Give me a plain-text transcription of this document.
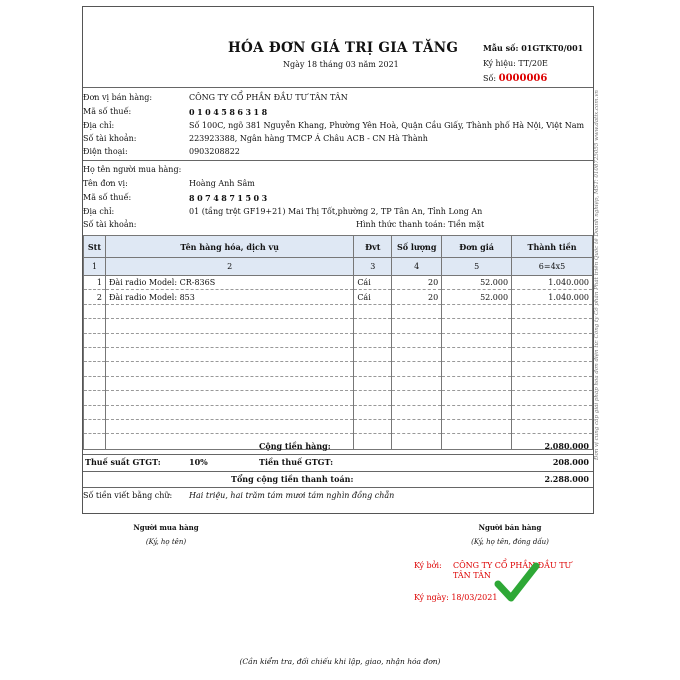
HÓA ĐƠN GIÁ TRỊ GIA TĂNG
Ngày 18 tháng 03 năm 2021
Mẫu số: 01GTKT0/001
Ký hiệu: TT/20E
Số: 0000006
Đơn vị bán hàng:	CÔNG TY CỔ PHẦN ĐẦU TƯ TÂN TÂN
Mã số thuế:	0104586318
Địa chỉ:	Số 100C, ngõ 381 Nguyễn Khang, Phường Yên Hoà, Quận Cầu Giấy, Thành phố Hà Nội, Việt Nam
Số tài khoản:	223923388, Ngân hàng TMCP Á Châu ACB - CN Hà Thành
Điện thoại:	0903208822
Họ tên người mua hàng:
Tên đơn vị:	Hoàng Anh Sâm
Mã số thuế:	8074871503
Địa chỉ:	01 (tầng trệt GF19+21) Mai Thị Tốt,phường 2, TP Tân An, Tỉnh Long An
Số tài khoản:	Hình thức thanh toán: Tiền mặt
Stt	Tên hàng hóa, dịch vụ	Đvt	Số lượng	Đơn giá	Thành tiền
1	2	3	4	5	6=4x5
1	Đài radio Model: CR-836S	Cái	20	52.000	1.040.000
2	Đài radio Model: 853	Cái	20	52.000	1.040.000

Cộng tiền hàng:	2.080.000
Thuế suất GTGT:	10%	Tiền thuế GTGT:	208.000
Tổng cộng tiền thanh toán:	2.288.000
Số tiền viết bằng chữ: Hai triệu, hai trăm tám mươi tám nghìn đồng chẵn
Đơn vị cung cấp giải pháp hóa đơn điện tử: Công ty Cổ phần Phát triển Quốc tế Doanh nghiệp, MST: 0108725055 www.datix.com.vn
Người mua hàng
(Ký, họ tên)
Người bán hàng
(Ký, họ tên, đóng dấu)
Ký bởi: CÔNG TY CỔ PHẦN ĐẦU TƯ
TÂN TÂN
Ký ngày: 18/03/2021
(Cần kiểm tra, đối chiếu khi lập, giao, nhận hóa đơn)
